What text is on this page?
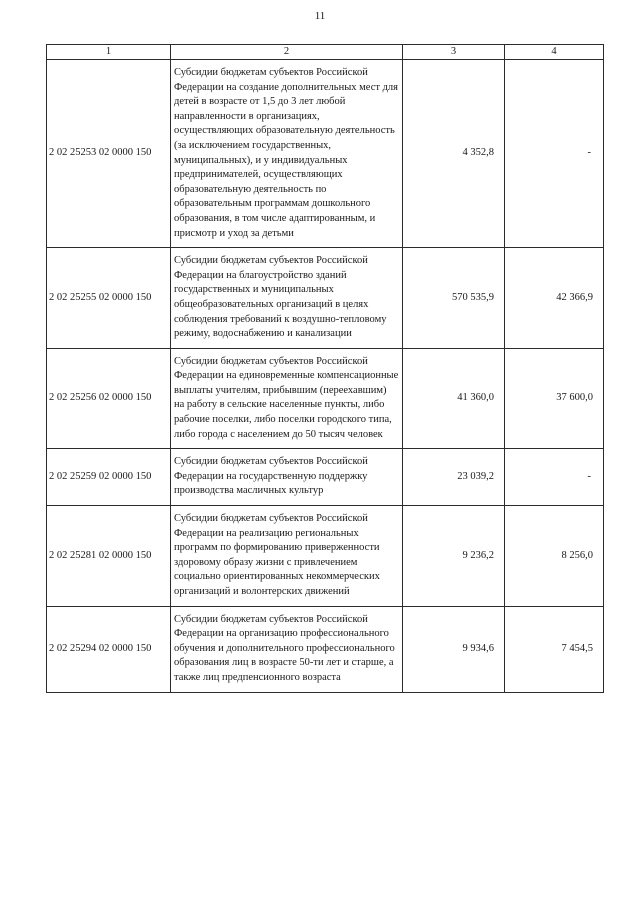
11
1	2	3	4
2 02 25253 02 0000 150	Субсидии бюджетам субъектов Российской Федерации на создание дополнительных мест для детей в возрасте от 1,5 до 3 лет любой направленности в организациях, осуществляющих образовательную деятельность (за исключением государственных, муниципальных), и у индивидуальных предпринимателей, осуществляющих образовательную деятельность по образовательным программам дошкольного образования, в том числе адаптированным, и присмотр и уход за детьми	4 352,8	-
2 02 25255 02 0000 150	Субсидии бюджетам субъектов Российской Федерации на благоустройство зданий государственных и муниципальных общеобразовательных организаций в целях соблюдения требований к воздушно-тепловому режиму, водоснабжению и канализации	570 535,9	42 366,9
2 02 25256 02 0000 150	Субсидии бюджетам субъектов Российской Федерации на единовременные компенсационные выплаты учителям, прибывшим (переехавшим) на работу в сельские населенные пункты, либо рабочие поселки, либо поселки городского типа, либо города с населением до 50 тысяч человек	41 360,0	37 600,0
2 02 25259 02 0000 150	Субсидии бюджетам субъектов Российской Федерации на государственную поддержку производства масличных культур	23 039,2	-
2 02 25281 02 0000 150	Субсидии бюджетам субъектов Российской Федерации на реализацию региональных программ по формированию приверженности здоровому образу жизни с привлечением социально ориентированных некоммерческих организаций и волонтерских движений	9 236,2	8 256,0
2 02 25294 02 0000 150	Субсидии бюджетам субъектов Российской Федерации на организацию профессионального обучения и дополнительного профессионального образования лиц в возрасте 50-ти лет и старше, а также лиц предпенсионного возраста	9 934,6	7 454,5
